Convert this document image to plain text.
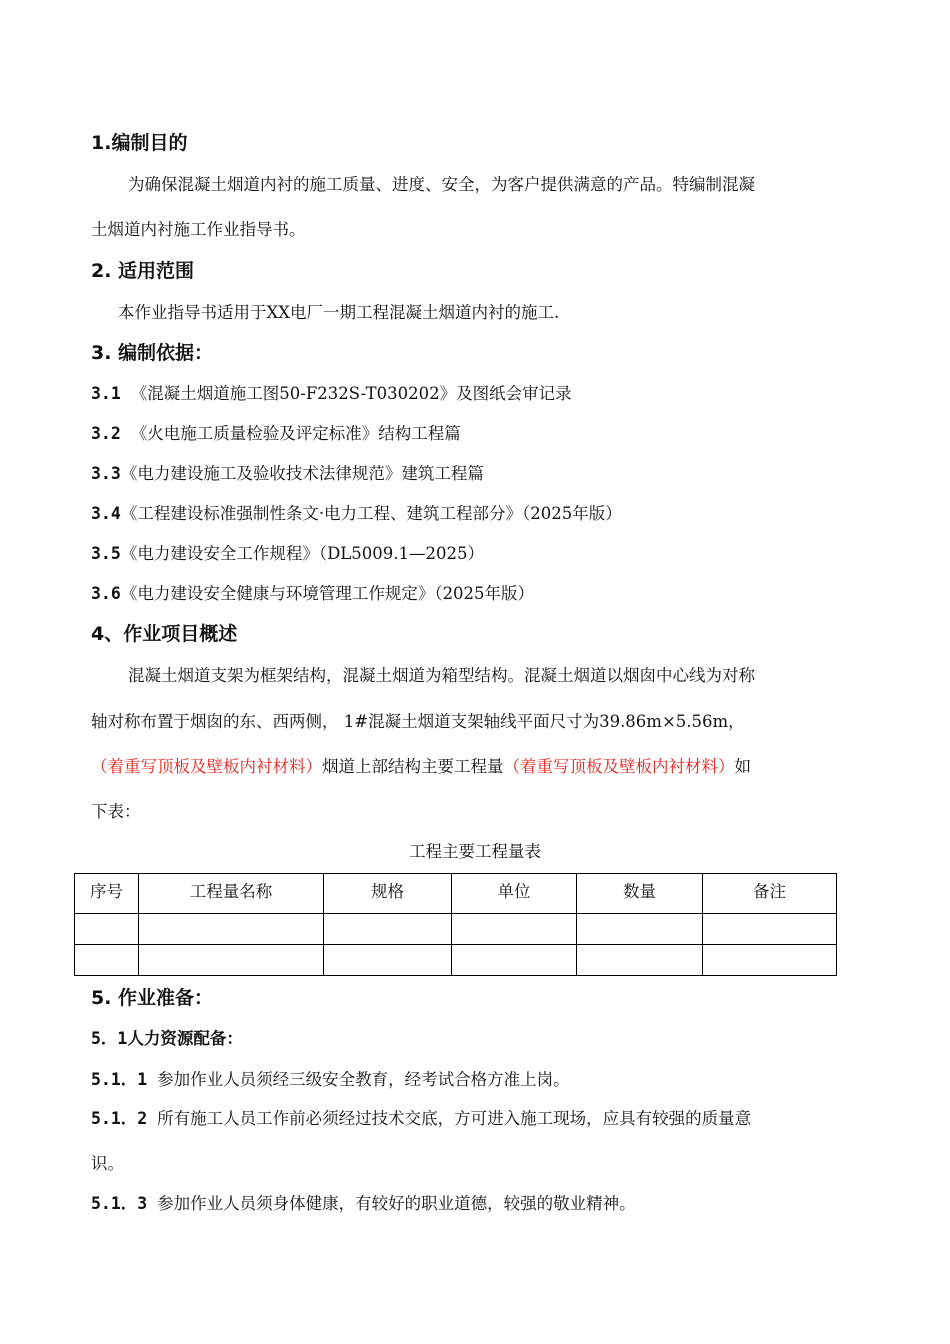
1.编制目的
为确保混凝土烟道内衬的施工质量、进度、安全，为客户提供满意的产品。特编制混凝
土烟道内衬施工作业指导书。
2. 适用范围
本作业指导书适用于XX电厂一期工程混凝土烟道内衬的施工.
3. 编制依据：
3.1 《混凝土烟道施工图50-F232S-T030202》及图纸会审记录
3.2 《火电施工质量检验及评定标准》结构工程篇
3.3《电力建设施工及验收技术法律规范》建筑工程篇
3.4《工程建设标准强制性条文·电力工程、建筑工程部分》（2025年版）
3.5《电力建设安全工作规程》（DL5009.1—2025）
3.6《电力建设安全健康与环境管理工作规定》（2025年版）
4、作业项目概述
混凝土烟道支架为框架结构，混凝土烟道为箱型结构。混凝土烟道以烟囱中心线为对称
轴对称布置于烟囱的东、西两侧， 1#混凝土烟道支架轴线平面尺寸为39.86m×5.56m，
（着重写顶板及壁板内衬材料）烟道上部结构主要工程量（着重写顶板及壁板内衬材料）如
下表：
工程主要工程量表
序号	工程量名称	规格	单位	数量	备注

5. 作业准备：
5．1人力资源配备：
5.1．1 参加作业人员须经三级安全教育，经考试合格方准上岗。
5.1．2 所有施工人员工作前必须经过技术交底，方可进入施工现场，应具有较强的质量意
识。
5.1．3 参加作业人员须身体健康，有较好的职业道德，较强的敬业精神。
